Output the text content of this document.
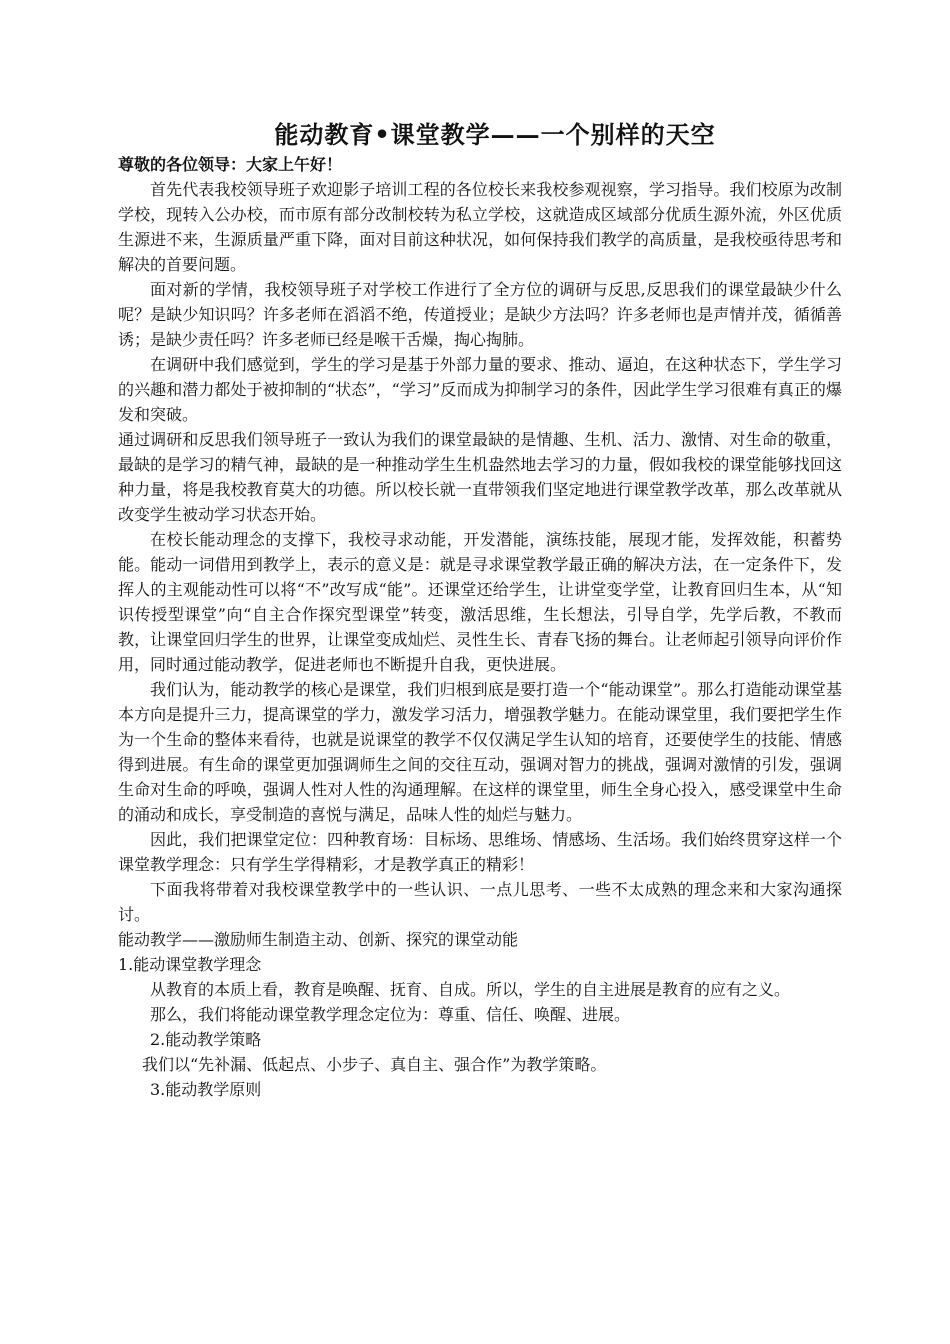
能动教育•课堂教学——一个别样的天空

尊敬的各位领导：大家上午好！

首先代表我校领导班子欢迎影子培训工程的各位校长来我校参观视察，学习指导。我们校原为改制学校，现转入公办校，而市原有部分改制校转为私立学校，这就造成区域部分优质生源外流，外区优质生源进不来，生源质量严重下降，面对目前这种状况，如何保持我们教学的高质量，是我校亟待思考和解决的首要问题。

面对新的学情，我校领导班子对学校工作进行了全方位的调研与反思,反思我们的课堂最缺少什么呢？是缺少知识吗？许多老师在滔滔不绝，传道授业；是缺少方法吗？许多老师也是声情并茂，循循善诱；是缺少责任吗？许多老师已经是喉干舌燥，掏心掏肺。

在调研中我们感觉到，学生的学习是基于外部力量的要求、推动、逼迫，在这种状态下，学生学习的兴趣和潜力都处于被抑制的“状态”，“学习”反而成为抑制学习的条件，因此学生学习很难有真正的爆发和突破。

通过调研和反思我们领导班子一致认为我们的课堂最缺的是情趣、生机、活力、激情、对生命的敬重，最缺的是学习的精气神，最缺的是一种推动学生生机盎然地去学习的力量，假如我校的课堂能够找回这种力量，将是我校教育莫大的功德。所以校长就一直带领我们坚定地进行课堂教学改革，那么改革就从改变学生被动学习状态开始。

在校长能动理念的支撑下，我校寻求动能，开发潜能，演练技能，展现才能，发挥效能，积蓄势能。能动一词借用到教学上，表示的意义是：就是寻求课堂教学最正确的解决方法，在一定条件下，发挥人的主观能动性可以将“不”改写成“能”。还课堂还给学生，让讲堂变学堂，让教育回归生本，从“知识传授型课堂”向“自主合作探究型课堂”转变，激活思维，生长想法，引导自学，先学后教，不教而教，让课堂回归学生的世界，让课堂变成灿烂、灵性生长、青春飞扬的舞台。让老师起引领导向评价作用，同时通过能动教学，促进老师也不断提升自我，更快进展。

我们认为，能动教学的核心是课堂，我们归根到底是要打造一个“能动课堂”。那么打造能动课堂基本方向是提升三力，提高课堂的学力，激发学习活力，增强教学魅力。在能动课堂里，我们要把学生作为一个生命的整体来看待，也就是说课堂的教学不仅仅满足学生认知的培育，还要使学生的技能、情感得到进展。有生命的课堂更加强调师生之间的交往互动，强调对智力的挑战，强调对激情的引发，强调生命对生命的呼唤，强调人性对人性的沟通理解。在这样的课堂里，师生全身心投入，感受课堂中生命的涌动和成长，享受制造的喜悦与满足，品味人性的灿烂与魅力。

因此，我们把课堂定位：四种教育场：目标场、思维场、情感场、生活场。我们始终贯穿这样一个课堂教学理念：只有学生学得精彩，才是教学真正的精彩！

下面我将带着对我校课堂教学中的一些认识、一点儿思考、一些不太成熟的理念来和大家沟通探讨。

能动教学——激励师生制造主动、创新、探究的课堂动能

1.能动课堂教学理念

从教育的本质上看，教育是唤醒、抚育、自成。所以，学生的自主进展是教育的应有之义。

那么，我们将能动课堂教学理念定位为：尊重、信任、唤醒、进展。

2.能动教学策略

我们以“先补漏、低起点、小步子、真自主、强合作”为教学策略。

3.能动教学原则
